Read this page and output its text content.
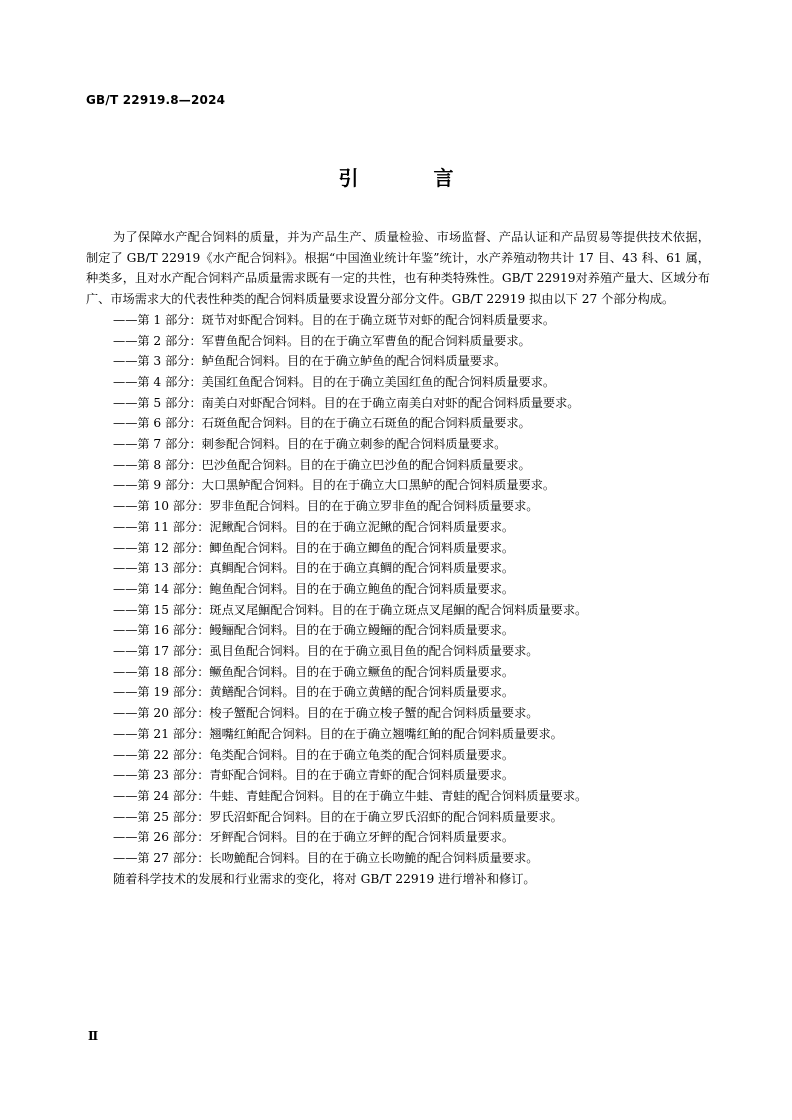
GB/T 22919.8—2024
引 言

为了保障水产配合饲料的质量，并为产品生产、质量检验、市场监督、产品认证和产品贸易等提供技术依据，制定了 GB/T 22919《水产配合饲料》。根据“中国渔业统计年鉴”统计，水产养殖动物共计 17 目、43 科、61 属，种类多，且对水产配合饲料产品质量需求既有一定的共性，也有种类特殊性。GB/T 22919对养殖产量大、区域分布广、市场需求大的代表性种类的配合饲料质量要求设置分部分文件。GB/T 22919 拟由以下 27 个部分构成。

——第 1 部分：斑节对虾配合饲料。目的在于确立斑节对虾的配合饲料质量要求。

——第 2 部分：军曹鱼配合饲料。目的在于确立军曹鱼的配合饲料质量要求。

——第 3 部分：鲈鱼配合饲料。目的在于确立鲈鱼的配合饲料质量要求。

——第 4 部分：美国红鱼配合饲料。目的在于确立美国红鱼的配合饲料质量要求。

——第 5 部分：南美白对虾配合饲料。目的在于确立南美白对虾的配合饲料质量要求。

——第 6 部分：石斑鱼配合饲料。目的在于确立石斑鱼的配合饲料质量要求。

——第 7 部分：刺参配合饲料。目的在于确立刺参的配合饲料质量要求。

——第 8 部分：巴沙鱼配合饲料。目的在于确立巴沙鱼的配合饲料质量要求。

——第 9 部分：大口黑鲈配合饲料。目的在于确立大口黑鲈的配合饲料质量要求。

——第 10 部分：罗非鱼配合饲料。目的在于确立罗非鱼的配合饲料质量要求。

——第 11 部分：泥鳅配合饲料。目的在于确立泥鳅的配合饲料质量要求。

——第 12 部分：鲫鱼配合饲料。目的在于确立鲫鱼的配合饲料质量要求。

——第 13 部分：真鲷配合饲料。目的在于确立真鲷的配合饲料质量要求。

——第 14 部分：鲍鱼配合饲料。目的在于确立鲍鱼的配合饲料质量要求。

——第 15 部分：斑点叉尾鮰配合饲料。目的在于确立斑点叉尾鮰的配合饲料质量要求。

——第 16 部分：鳗鲡配合饲料。目的在于确立鳗鲡的配合饲料质量要求。

——第 17 部分：虱目鱼配合饲料。目的在于确立虱目鱼的配合饲料质量要求。

——第 18 部分：鳜鱼配合饲料。目的在于确立鳜鱼的配合饲料质量要求。

——第 19 部分：黄鳝配合饲料。目的在于确立黄鳝的配合饲料质量要求。

——第 20 部分：梭子蟹配合饲料。目的在于确立梭子蟹的配合饲料质量要求。

——第 21 部分：翘嘴红鲌配合饲料。目的在于确立翘嘴红鲌的配合饲料质量要求。

——第 22 部分：龟类配合饲料。目的在于确立龟类的配合饲料质量要求。

——第 23 部分：青虾配合饲料。目的在于确立青虾的配合饲料质量要求。

——第 24 部分：牛蛙、青蛙配合饲料。目的在于确立牛蛙、青蛙的配合饲料质量要求。

——第 25 部分：罗氏沼虾配合饲料。目的在于确立罗氏沼虾的配合饲料质量要求。

——第 26 部分：牙鲆配合饲料。目的在于确立牙鲆的配合饲料质量要求。

——第 27 部分：长吻鮠配合饲料。目的在于确立长吻鮠的配合饲料质量要求。

随着科学技术的发展和行业需求的变化，将对 GB/T 22919 进行增补和修订。

Ⅱ
